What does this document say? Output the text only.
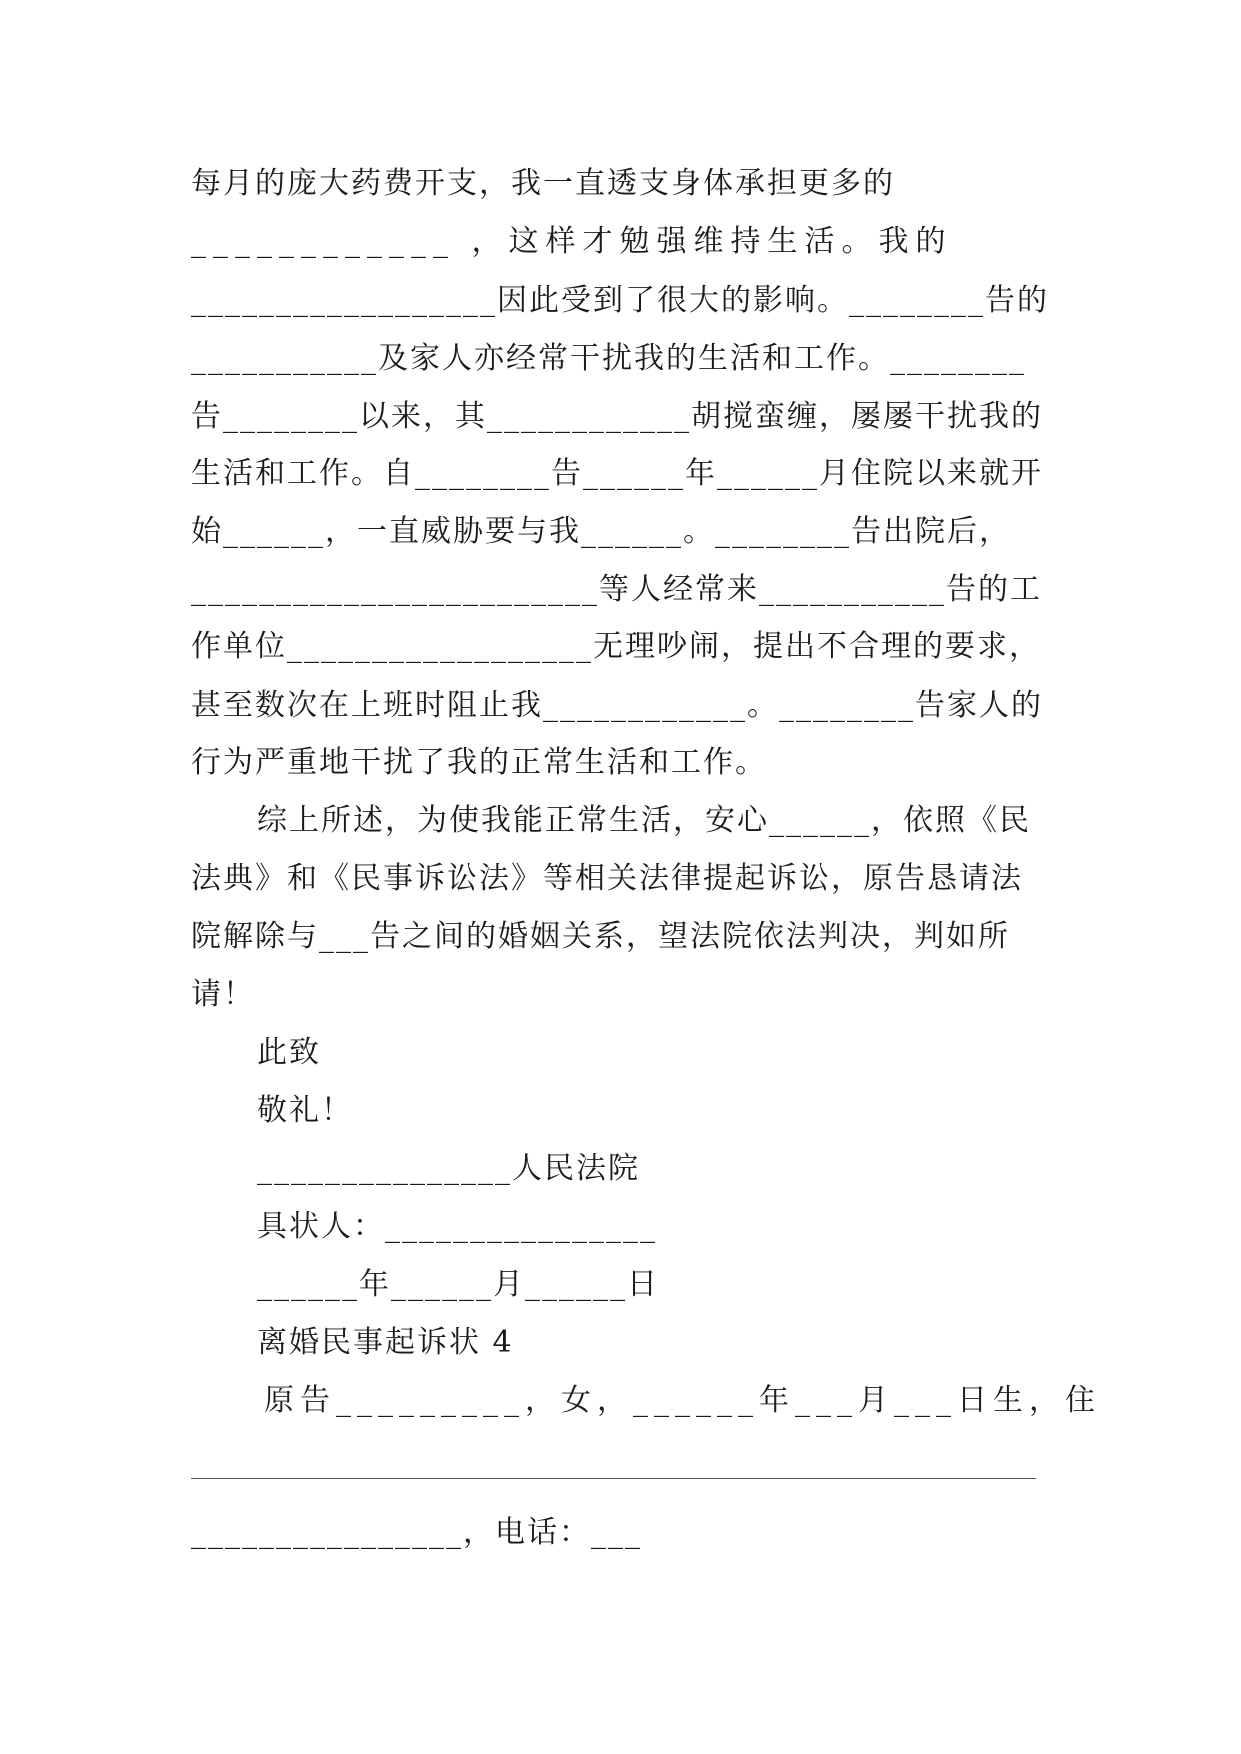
每月的庞大药费开支，我一直透支身体承担更多的
____________ ，这样才勉强维持生活。我的
__________________因此受到了很大的影响。________告的
___________及家人亦经常干扰我的生活和工作。________
告________以来，其____________胡搅蛮缠，屡屡干扰我的
生活和工作。自________告______年______月住院以来就开
始______，一直威胁要与我______。________告出院后，
________________________等人经常来___________告的工
作单位__________________无理吵闹，提出不合理的要求，
甚至数次在上班时阻止我____________。________告家人的
行为严重地干扰了我的正常生活和工作。
综上所述，为使我能正常生活，安心______，依照《民
法典》和《民事诉讼法》等相关法律提起诉讼，原告恳请法
院解除与___告之间的婚姻关系，望法院依法判决，判如所
请！
此致
敬礼！
_______________人民法院
具状人：________________
______年______月______日
离婚民事起诉状 4
原告_________，女，______年___月___日生，住
________________，电话：___
